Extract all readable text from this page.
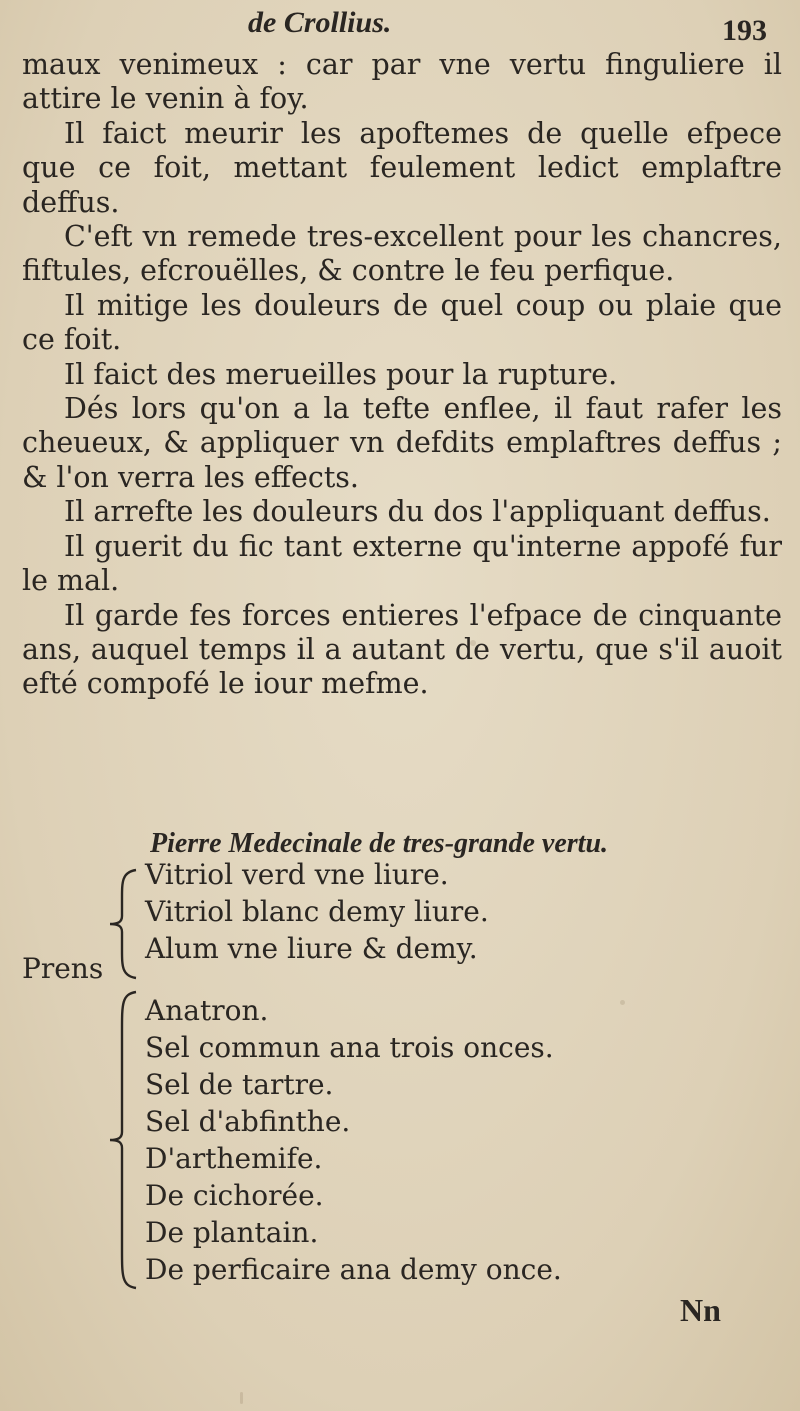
de Crollius.	193

maux venimeux : car par vne vertu finguliere il attire le venin à foy.

Il faict meurir les apoftemes de quelle efpece que ce foit, mettant feulement ledict emplaftre deffus.

C'eft vn remede tres-excellent pour les chancres, fiftules, efcrouëlles, & contre le feu perfique.

Il mitige les douleurs de quel coup ou plaie que ce foit.

Il faict des merueilles pour la rupture.

Dés lors qu'on a la tefte enflee, il faut rafer les cheueux, & appliquer vn defdits emplaftres deffus ; & l'on verra les effects.

Il arrefte les douleurs du dos l'appliquant deffus.

Il guerit du fic tant externe qu'interne appofé fur le mal.

Il garde fes forces entieres l'efpace de cinquante ans, auquel temps il a autant de vertu, que s'il auoit efté compofé le iour mefme.

Pierre Medecinale de tres-grande vertu.
Prens
Vitriol verd vne liure.
Vitriol blanc demy liure.
Alum vne liure & demy.
Anatron.
Sel commun ana trois onces.
Sel de tartre.
Sel d'abfinthe.
D'arthemife.
De cichorée.
De plantain.
De perficaire ana demy once.
Nn
